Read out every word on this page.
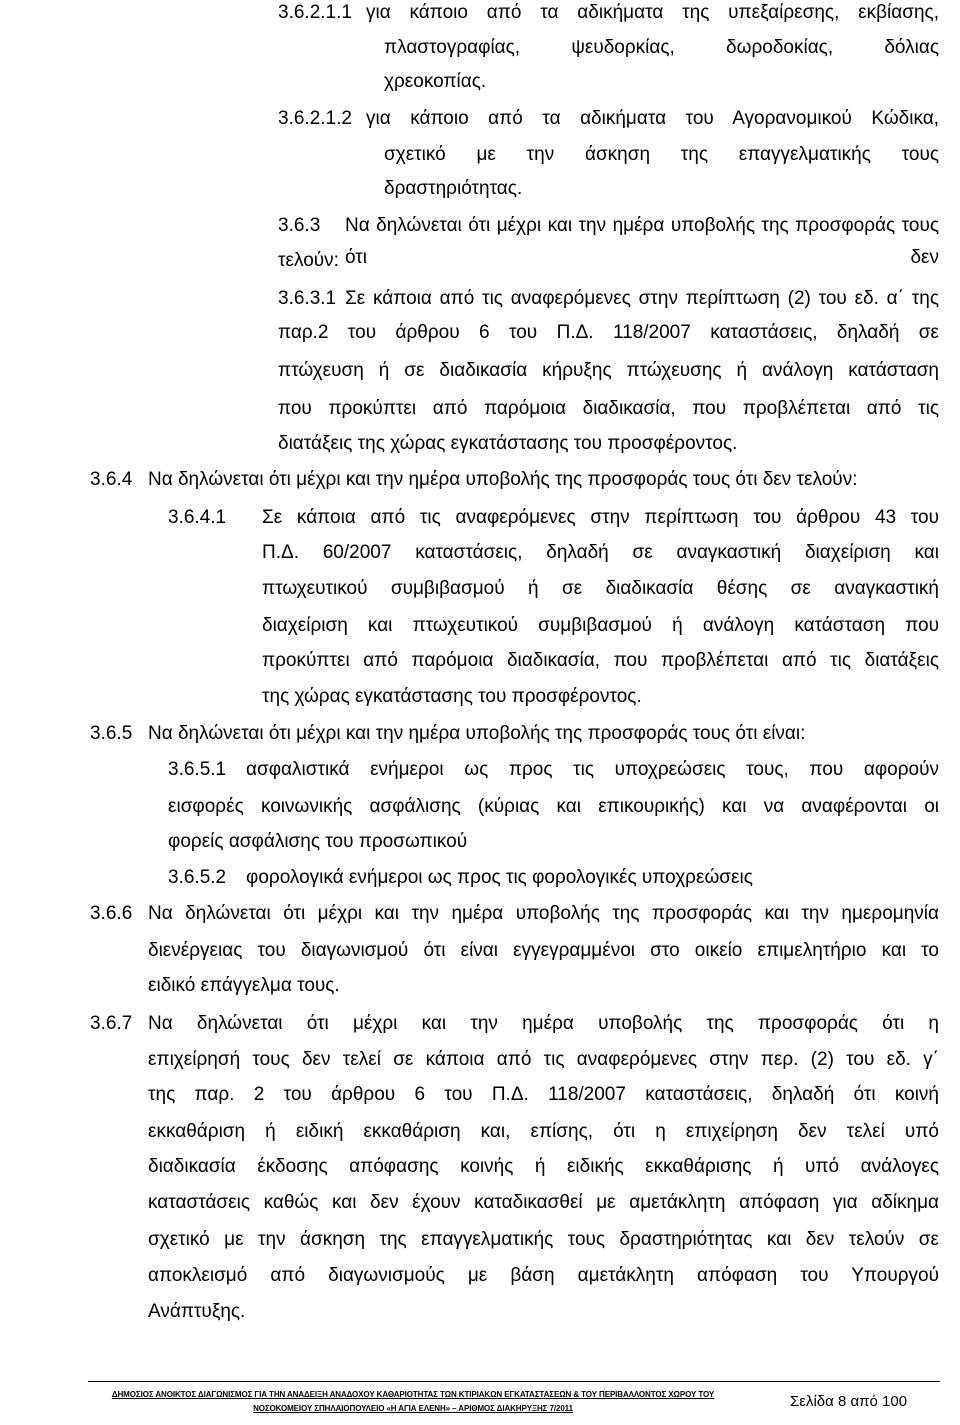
3.6.2.1.1 για κάποιο από τα αδικήματα της υπεξαίρεσης, εκβίασης,
πλαστογραφίας, ψευδορκίας, δωροδοκίας, δόλιας
χρεοκοπίας.
3.6.2.1.2 για κάποιο από τα αδικήματα του Αγορανομικού Κώδικα,
σχετικό με την άσκηση της επαγγελματικής τους
δραστηριότητας.
3.6.3 Να δηλώνεται ότι μέχρι και την ημέρα υποβολής της προσφοράς τους ότι δεν
τελούν:
3.6.3.1 Σε κάποια από τις αναφερόμενες στην περίπτωση (2) του εδ. α΄ της
παρ.2 του άρθρου 6 του Π.Δ. 118/2007 καταστάσεις, δηλαδή σε
πτώχευση ή σε διαδικασία κήρυξης πτώχευσης ή ανάλογη κατάσταση
που προκύπτει από παρόμοια διαδικασία, που προβλέπεται από τις
διατάξεις της χώρας εγκατάστασης του προσφέροντος.
3.6.4 Να δηλώνεται ότι μέχρι και την ημέρα υποβολής της προσφοράς τους ότι δεν τελούν:
3.6.4.1 Σε κάποια από τις αναφερόμενες στην περίπτωση του άρθρου 43 του
Π.Δ. 60/2007 καταστάσεις, δηλαδή σε αναγκαστική διαχείριση και
πτωχευτικού συμβιβασμού ή σε διαδικασία θέσης σε αναγκαστική
διαχείριση και πτωχευτικού συμβιβασμού ή ανάλογη κατάσταση που
προκύπτει από παρόμοια διαδικασία, που προβλέπεται από τις διατάξεις
της χώρας εγκατάστασης του προσφέροντος.
3.6.5 Να δηλώνεται ότι μέχρι και την ημέρα υποβολής της προσφοράς τους ότι είναι:
3.6.5.1 ασφαλιστικά ενήμεροι ως προς τις υποχρεώσεις τους, που αφορούν
εισφορές κοινωνικής ασφάλισης (κύριας και επικουρικής) και να αναφέρονται οι
φορείς ασφάλισης του προσωπικού
3.6.5.2 φορολογικά ενήμεροι ως προς τις φορολογικές υποχρεώσεις
3.6.6 Να δηλώνεται ότι μέχρι και την ημέρα υποβολής της προσφοράς και την ημερομηνία
διενέργειας του διαγωνισμού ότι είναι εγγεγραμμένοι στο οικείο επιμελητήριο και το
ειδικό επάγγελμα τους.
3.6.7 Να δηλώνεται ότι μέχρι και την ημέρα υποβολής της προσφοράς ότι η
επιχείρησή τους δεν τελεί σε κάποια από τις αναφερόμενες στην περ. (2) του εδ. γ΄
της παρ. 2 του άρθρου 6 του Π.Δ. 118/2007 καταστάσεις, δηλαδή ότι κοινή
εκκαθάριση ή ειδική εκκαθάριση και, επίσης, ότι η επιχείρηση δεν τελεί υπό
διαδικασία έκδοσης απόφασης κοινής ή ειδικής εκκαθάρισης ή υπό ανάλογες
καταστάσεις καθώς και δεν έχουν καταδικασθεί με αμετάκλητη απόφαση για αδίκημα
σχετικό με την άσκηση της επαγγελματικής τους δραστηριότητας και δεν τελούν σε
αποκλεισμό από διαγωνισμούς με βάση αμετάκλητη απόφαση του Υπουργού
Ανάπτυξης.
ΔΗΜΟΣΙΟΣ ΑΝΟΙΚΤΟΣ ΔΙΑΓΩΝΙΣΜΟΣ ΓΙΑ ΤΗΝ ΑΝΑΔΕΙΞΗ ΑΝΑΔΟΧΟΥ ΚΑΘΑΡΙΟΤΗΤΑΣ ΤΩΝ ΚΤΙΡΙΑΚΩΝ ΕΓΚΑΤΑΣΤΑΣΕΩΝ & ΤΟΥ ΠΕΡΙΒΑΛΛΟΝΤΟΣ ΧΩΡΟΥ ΤΟΥ
ΝΟΣΟΚΟΜΕΙΟΥ ΣΠΗΛΑΙΟΠΟΥΛΕΙΟ «Η ΑΓΙΑ ΕΛΕΝΗ» – ΑΡΙΘΜΟΣ ΔΙΑΚΗΡΥΞΗΣ 7/2011	Σελίδα 8 από 100
